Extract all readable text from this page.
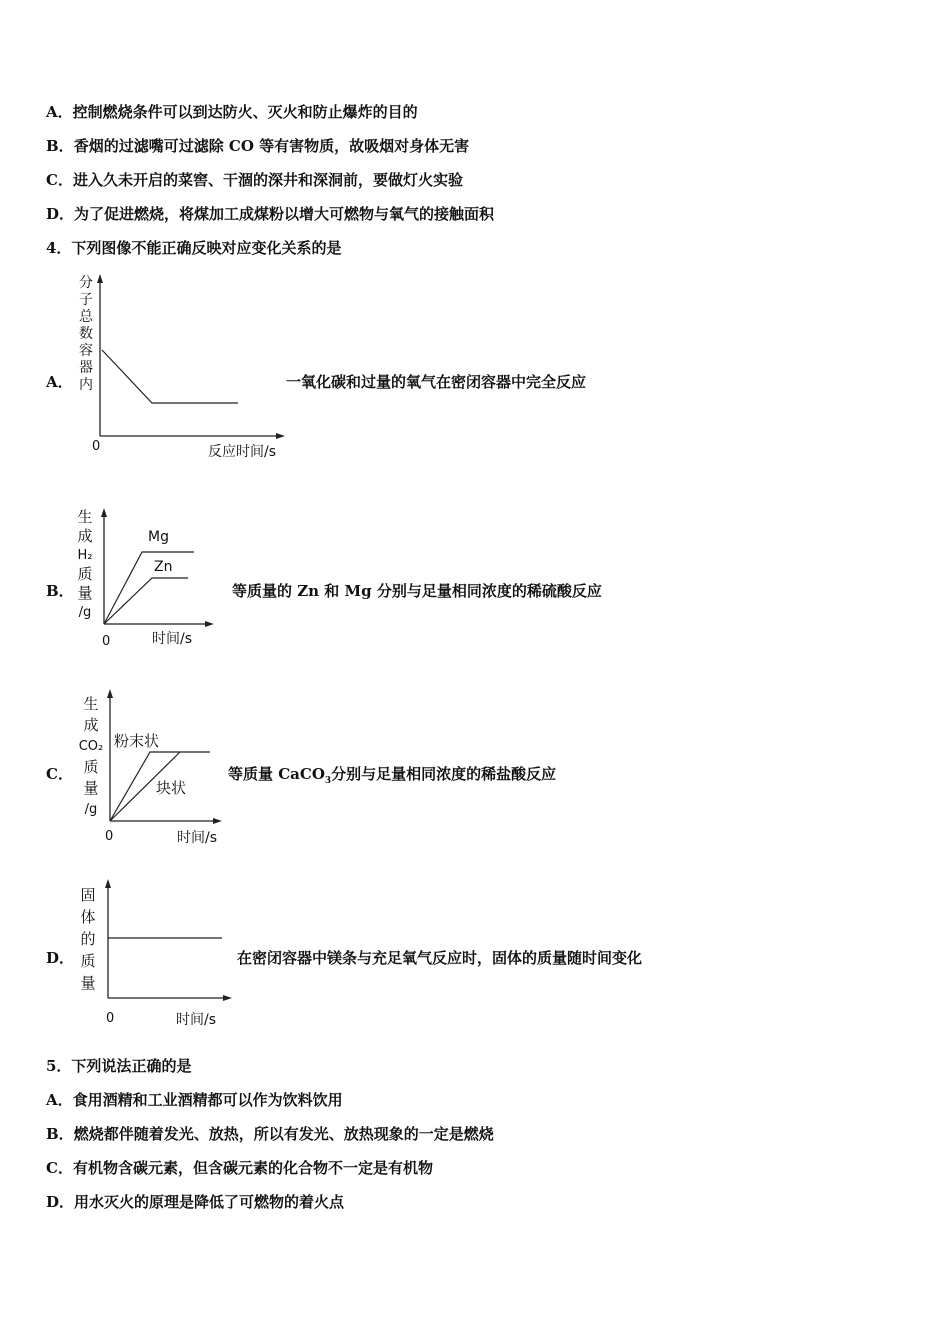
A．控制燃烧条件可以到达防火、灭火和防止爆炸的目的
B．香烟的过滤嘴可过滤除 CO 等有害物质，故吸烟对身体无害
C．进入久未开启的菜窖、干涸的深井和深洞前，要做灯火实验
D．为了促进燃烧，将煤加工成煤粉以增大可燃物与氧气的接触面积
4．下列图像不能正确反映对应变化关系的是
A．
分
子
总
数
容
器
内
0	反应时间/s
一氧化碳和过量的氧气在密闭容器中完全反应
B．
生
成
H₂
质
量
/g
Mg
Zn
0	时间/s
等质量的 Zn 和 Mg 分别与足量相同浓度的稀硫酸反应
C．
生
成
CO₂
质
量
/g
粉末状
块状
0	时间/s
等质量 CaCO$_3$分别与足量相同浓度的稀盐酸反应
D．
固
体
的
质
量
0	时间/s
在密闭容器中镁条与充足氧气反应时，固体的质量随时间变化
5．下列说法正确的是
A．食用酒精和工业酒精都可以作为饮料饮用
B．燃烧都伴随着发光、放热，所以有发光、放热现象的一定是燃烧
C．有机物含碳元素，但含碳元素的化合物不一定是有机物
D．用水灭火的原理是降低了可燃物的着火点
